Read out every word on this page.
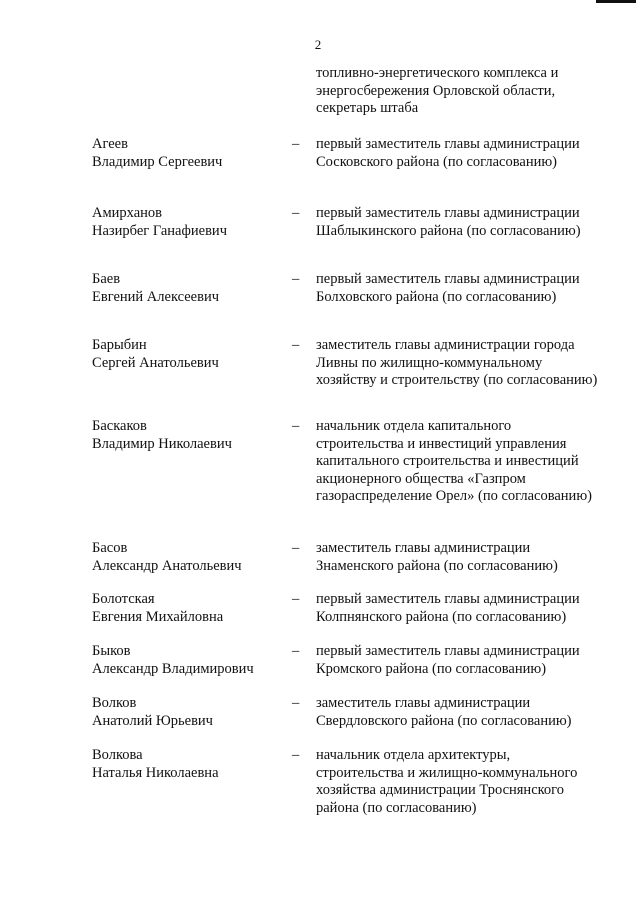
2
топливно-энергетического комплекса и энергосбережения Орловской области, секретарь штаба
Агеев
Владимир Сергеевич
– первый заместитель главы администрации Сосковского района (по согласованию)
Амирханов
Назирбег Ганафиевич
– первый заместитель главы администрации Шаблыкинского района (по согласованию)
Баев
Евгений Алексеевич
– первый заместитель главы администрации Болховского района (по согласованию)
Барыбин
Сергей Анатольевич
– заместитель главы администрации города Ливны по жилищно-коммунальному хозяйству и строительству (по согласованию)
Баскаков
Владимир Николаевич
– начальник отдела капитального строительства и инвестиций управления капитального строительства и инвестиций акционерного общества «Газпром газораспределение Орел» (по согласованию)
Басов
Александр Анатольевич
– заместитель главы администрации Знаменского района (по согласованию)
Болотская
Евгения Михайловна
– первый заместитель главы администрации Колпнянского района (по согласованию)
Быков
Александр Владимирович
– первый заместитель главы администрации Кромского района (по согласованию)
Волков
Анатолий Юрьевич
– заместитель главы администрации Свердловского района (по согласованию)
Волкова
Наталья Николаевна
– начальник отдела архитектуры, строительства и жилищно-коммунального хозяйства администрации Троснянского района (по согласованию)
